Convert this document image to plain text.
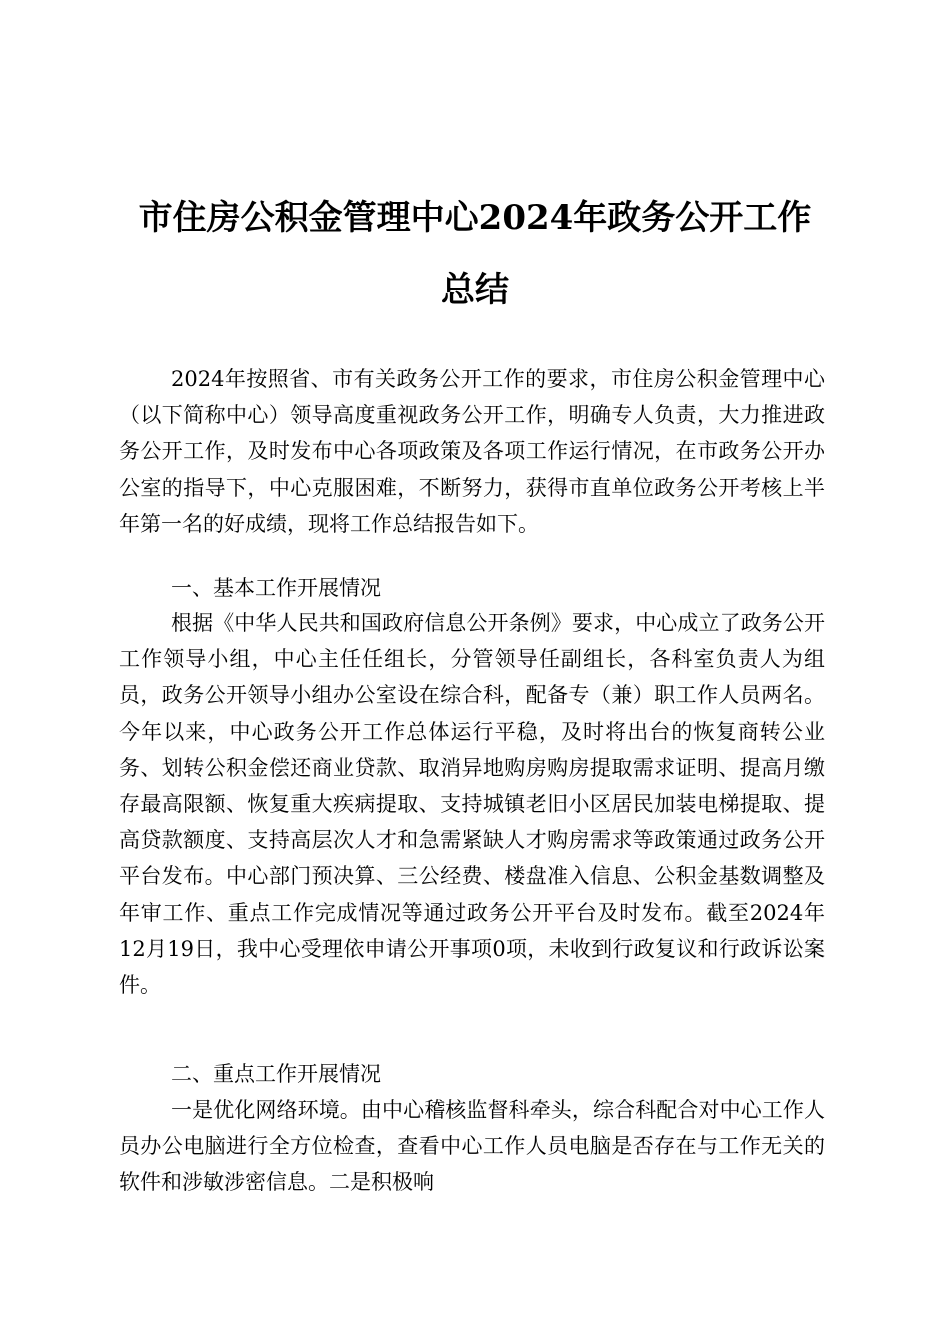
市住房公积金管理中心2024年政务公开工作
总结

2024年按照省、市有关政务公开工作的要求，市住房公积金管理中心（以下简称中心）领导高度重视政务公开工作，明确专人负责，大力推进政务公开工作，及时发布中心各项政策及各项工作运行情况，在市政务公开办公室的指导下，中心克服困难，不断努力，获得市直单位政务公开考核上半年第一名的好成绩，现将工作总结报告如下。

一、基本工作开展情况

根据《中华人民共和国政府信息公开条例》要求，中心成立了政务公开工作领导小组，中心主任任组长，分管领导任副组长，各科室负责人为组员，政务公开领导小组办公室设在综合科，配备专（兼）职工作人员两名。今年以来，中心政务公开工作总体运行平稳，及时将出台的恢复商转公业务、划转公积金偿还商业贷款、取消异地购房购房提取需求证明、提高月缴存最高限额、恢复重大疾病提取、支持城镇老旧小区居民加装电梯提取、提高贷款额度、支持高层次人才和急需紧缺人才购房需求等政策通过政务公开平台发布。中心部门预决算、三公经费、楼盘准入信息、公积金基数调整及年审工作、重点工作完成情况等通过政务公开平台及时发布。截至2024年12月19日，我中心受理依申请公开事项0项，未收到行政复议和行政诉讼案件。

二、重点工作开展情况

一是优化网络环境。由中心稽核监督科牵头，综合科配合对中心工作人员办公电脑进行全方位检查，查看中心工作人员电脑是否存在与工作无关的软件和涉敏涉密信息。二是积极响
